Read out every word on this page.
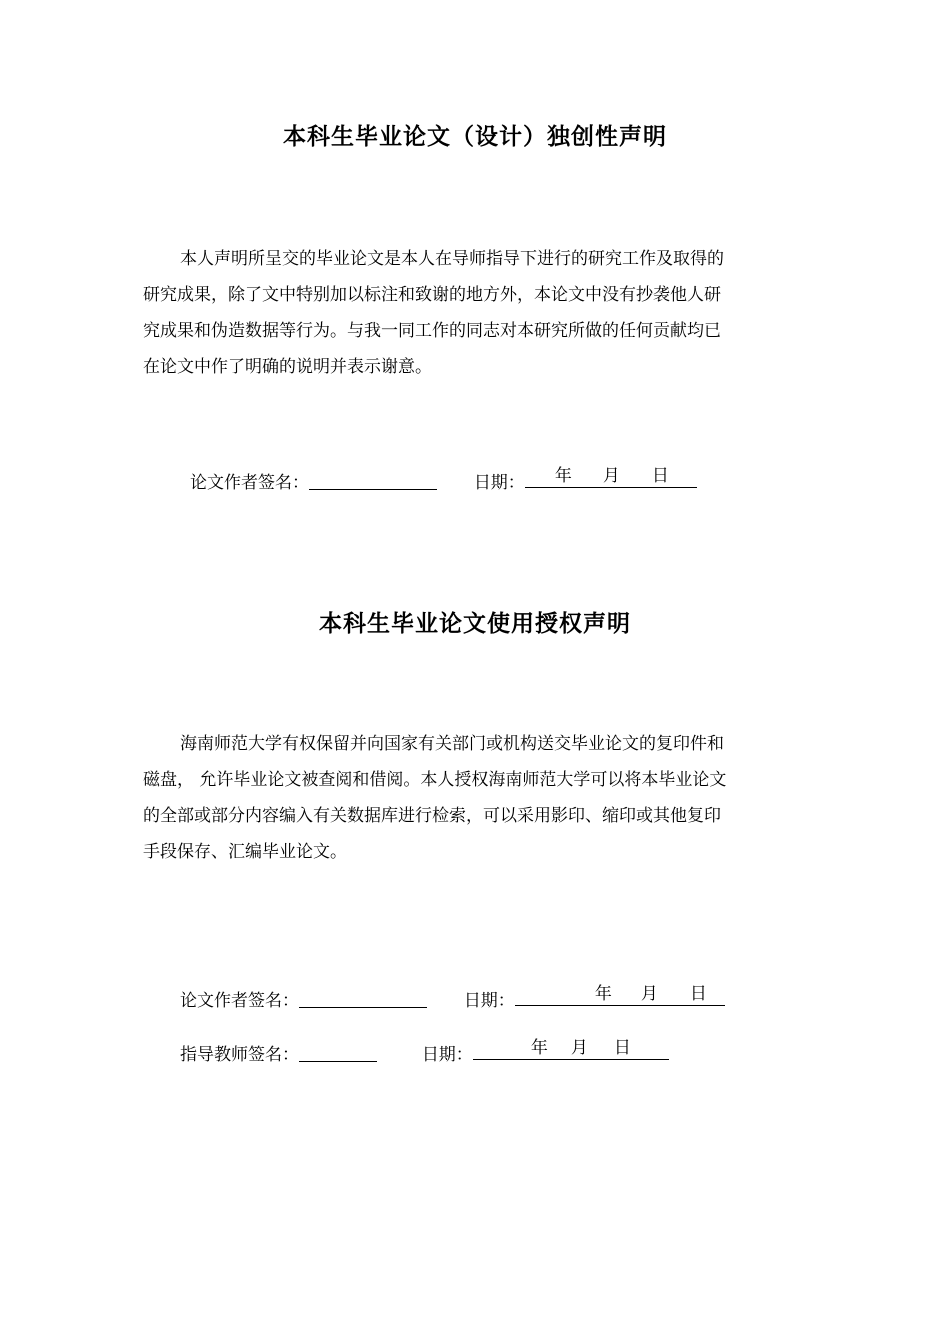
本科生毕业论文（设计）独创性声明
本人声明所呈交的毕业论文是本人在导师指导下进行的研究工作及取得的
研究成果，除了文中特别加以标注和致谢的地方外，本论文中没有抄袭他人研
究成果和伪造数据等行为。与我一同工作的同志对本研究所做的任何贡献均已
在论文中作了明确的说明并表示谢意。
论文作者签名：	日期： 年 月 日
本科生毕业论文使用授权声明
海南师范大学有权保留并向国家有关部门或机构送交毕业论文的复印件和
磁盘， 允许毕业论文被查阅和借阅。本人授权海南师范大学可以将本毕业论文
的全部或部分内容编入有关数据库进行检索，可以采用影印、缩印或其他复印
手段保存、汇编毕业论文。
论文作者签名：	日期：	年 月 日
指导教师签名：	日期：	年 月 日
